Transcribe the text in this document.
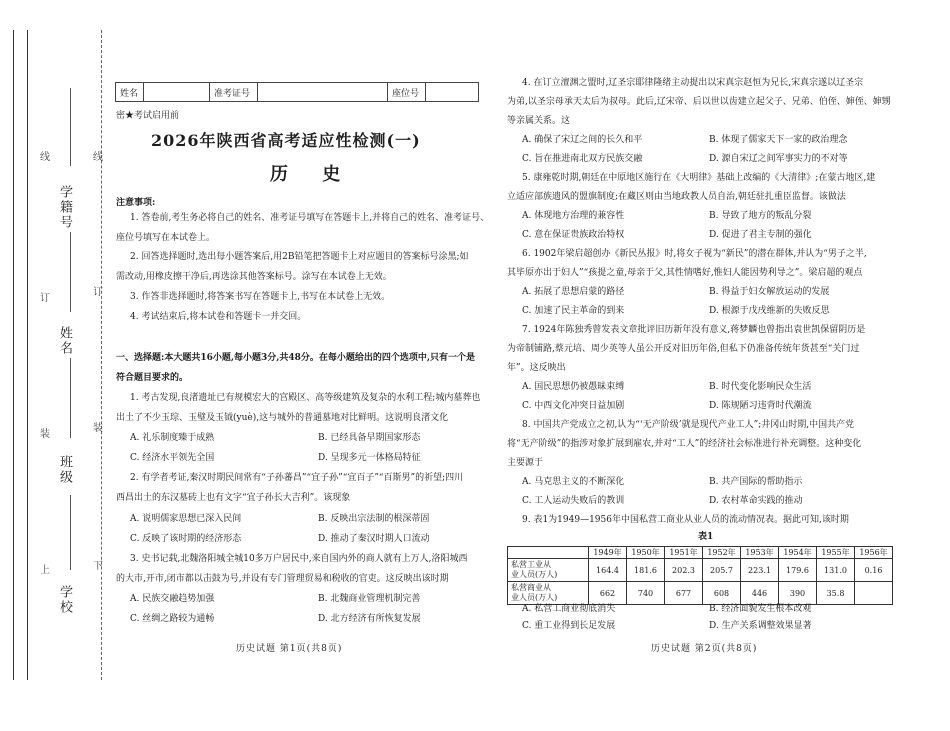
线	线
订
订
装
装
上	下
学籍号
姓名
班级
学校
姓名	准考证号	座位号
密★考试启用前
2026年陕西省高考适应性检测(一)
历 史
注意事项:
1. 答卷前,考生务必将自己的姓名、准考证号填写在答题卡上,并将自己的姓名、准考证号、
座位号填写在本试卷上。
2. 回答选择题时,选出每小题答案后,用2B铅笔把答题卡上对应题目的答案标号涂黑;如
需改动,用橡皮擦干净后,再选涂其他答案标号。涂写在本试卷上无效。
3. 作答非选择题时,将答案书写在答题卡上,书写在本试卷上无效。
4. 考试结束后,将本试卷和答题卡一并交回。
一、选择题:本大题共16小题,每小题3分,共48分。在每小题给出的四个选项中,只有一个是
符合题目要求的。
1. 考古发现,良渚遗址已有规模宏大的宫殿区、高等级建筑及复杂的水利工程;城内墓葬也
出土了不少玉琮、玉璧及玉钺(yuè),这与城外的普通墓地对比鲜明。这说明良渚文化
A. 礼乐制度臻于成熟	B. 已经具备早期国家形态
C. 经济水平领先全国	D. 呈现多元一体格局特征
2. 有学者考证,秦汉时期民间常有“子孙蕃昌”“宜子孙”“宜百子”“百斯男”的祈望;四川
西昌出土的东汉墓砖上也有文字“宜子孙长大吉利”。该现象
A. 说明儒家思想已深入民间	B. 反映出宗法制的根深蒂固
C. 反映了该时期的经济形态	D. 推动了秦汉时期人口流动
3. 史书记载,北魏洛阳城全城10多万户居民中,来自国内外的商人就有上万人,洛阳城西
的大市,开市,闭市都以击鼓为号,并设有专门管理贸易和税收的官吏。这反映出该时期
A. 民族交融趋势加强	B. 北魏商业管理机制完善
C. 丝绸之路较为通畅	D. 北方经济有所恢复发展
历史试题 第1页(共8页)
4. 在订立澶渊之盟时,辽圣宗耶律隆绪主动提出以宋真宗赵恒为兄长,宋真宗遂以辽圣宗
为弟,以圣宗母承天太后为叔母。此后,辽宋帝、后以世以齿建立起父子、兄弟、伯侄、婶侄、婶甥
等亲属关系。这
A. 确保了宋辽之间的长久和平	B. 体现了儒家天下一家的政治理念
C. 旨在推进南北双方民族交融	D. 源自宋辽之间军事实力的不对等
5. 康雍乾时期,朝廷在中原地区施行在《大明律》基础上改编的《大清律》;在蒙古地区,建
立适应部族遗风的盟旗制度;在藏区则由当地政教人员自治,朝廷驻扎重臣监督。该做法
A. 体现地方治理的兼容性	B. 导致了地方的叛乱分裂
C. 意在保证贵族政治特权	D. 促进了君主专制的强化
6. 1902年梁启超创办《新民丛报》时,将女子视为“新民”的潜在群体,并认为“男子之半,
其毕原亦出于妇人”“孩提之童,母亲于父,其性情嗜好,惟妇人能因势利导之”。梁启超的观点
A. 拓展了思想启蒙的路径	B. 得益于妇女解放运动的发展
C. 加速了民主革命的到来	D. 根源于戊戌维新的失败反思
7. 1924年陈独秀曾发表文章批评旧历新年没有意义,蒋梦麟也曾指出袁世凯保留阴历是
为帝制铺路,蔡元培、周少英等人虽公开反对旧历年俗,但私下仍准备传统年货甚至“关门过
年”。这反映出
A. 国民思想仍被愚昧束缚	B. 时代变化影响民众生活
C. 中西文化冲突日益加剧	D. 陈规陋习违背时代潮流
8. 中国共产党成立之初,认为“‘无产阶级’就是现代产业工人”;井冈山时期,中国共产党
将“无产阶级”的指涉对象扩展到雇农,并对“工人”的经济社会标准进行补充调整。这种变化
主要源于
A. 马克思主义的不断深化	B. 共产国际的帮助指示
C. 工人运动失败后的教训	D. 农村革命实践的推动
9. 表1为1949—1956年中国私营工商业从业人员的流动情况表。据此可知,该时期
表1
	1949年	1950年	1951年	1952年	1953年	1954年	1955年	1956年

私营工业从
业人员(万人)	164.4	181.6	202.3	205.7	223.1	179.6	131.0	0.16

私营商业从
业人员(万人)	662	740	677	608	446	390	35.8	
A. 私营工商业彻底消失	B. 经济面貌发生根本改观
C. 重工业得到长足发展	D. 生产关系调整效果显著
历史试题 第2页(共8页)
